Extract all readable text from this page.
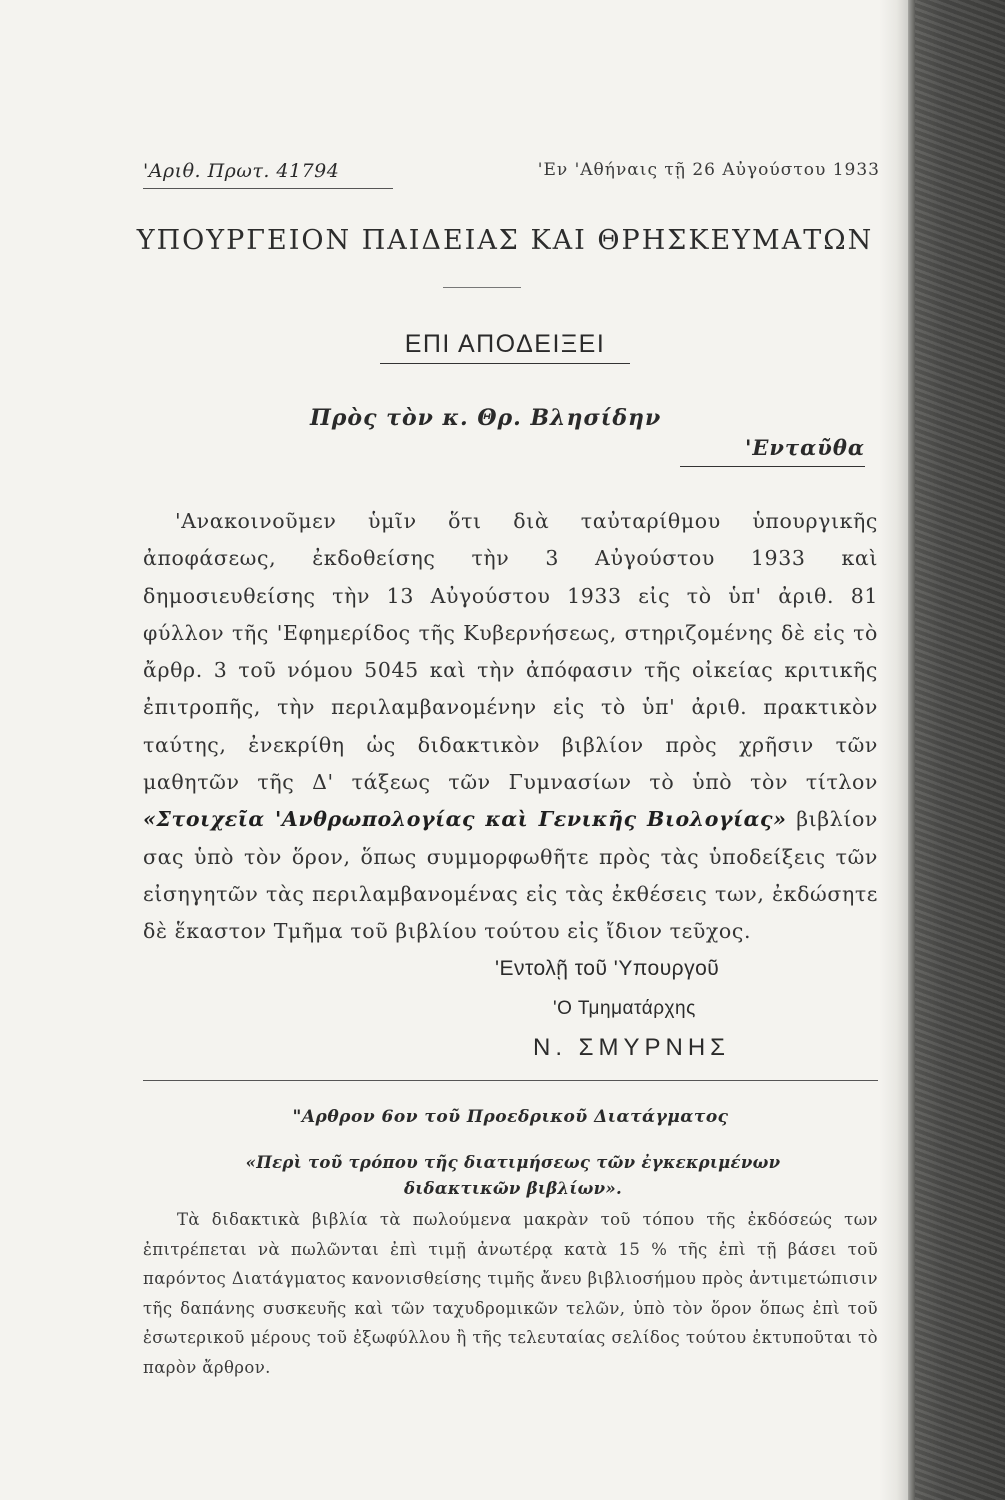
'Αριθ. Πρωτ. 41794	'Εν 'Αθήναις τῇ 26 Αὐγούστου 1933

ΥΠΟΥΡΓΕΙΟΝ ΠΑΙΔΕΙΑΣ ΚΑΙ ΘΡΗΣΚΕΥΜΑΤΩΝ
ΕΠΙ ΑΠΟΔΕΙΞΕΙ

Πρὸς τὸν κ. Θρ. Βλησίδην

'Ενταῦθα

'Ανακοινοῦμεν ὑμῖν ὅτι διὰ ταὐταρίθμου ὑπουργικῆς ἀποφάσεως, ἐκδοθείσης τὴν 3 Αὐγούστου 1933 καὶ δημοσιευθείσης τὴν 13 Αὐγούστου 1933 εἰς τὸ ὑπ' ἀριθ. 81 φύλλον τῆς 'Εφημερίδος τῆς Κυβερνήσεως, στηριζομένης δὲ εἰς τὸ ἄρθρ. 3 τοῦ νόμου 5045 καὶ τὴν ἀπόφασιν τῆς οἰκείας κριτικῆς ἐπιτροπῆς, τὴν περιλαμβανομένην εἰς τὸ ὑπ' ἀριθ. πρακτικὸν ταύτης, ἐνεκρίθη ὡς διδακτικὸν βιβλίον πρὸς χρῆσιν τῶν μαθητῶν τῆς Δ' τάξεως τῶν Γυμνασίων τὸ ὑπὸ τὸν τίτλον «Στοιχεῖα 'Ανθρωπολογίας καὶ Γενικῆς Βιολογίας» βιβλίον σας ὑπὸ τὸν ὅρον, ὅπως συμμορφωθῆτε πρὸς τὰς ὑποδείξεις τῶν εἰσηγητῶν τὰς περιλαμβανομένας εἰς τὰς ἐκθέσεις των, ἐκδώσητε δὲ ἕκαστον Τμῆμα τοῦ βιβλίου τούτου εἰς ἴδιον τεῦχος.

'Εντολῇ τοῦ 'Υπουργοῦ

'Ο Τμηματάρχης

Ν. ΣΜΥΡΝΗΣ

"Αρθρον 6ον τοῦ Προεδρικοῦ Διατάγματος

«Περὶ τοῦ τρόπου τῆς διατιμήσεως τῶν ἐγκεκριμένων διδακτικῶν βιβλίων».

Τὰ διδακτικὰ βιβλία τὰ πωλούμενα μακρὰν τοῦ τόπου τῆς ἐκδόσεώς των ἐπιτρέπεται νὰ πωλῶνται ἐπὶ τιμῇ ἀνωτέρᾳ κατὰ 15 % τῆς ἐπὶ τῇ βάσει τοῦ παρόντος Διατάγματος κανονισθείσης τιμῆς ἄνευ βιβλιοσήμου πρὸς ἀντιμετώπισιν τῆς δαπάνης συσκευῆς καὶ τῶν ταχυδρομικῶν τελῶν, ὑπὸ τὸν ὅρον ὅπως ἐπὶ τοῦ ἐσωτερικοῦ μέρους τοῦ ἐξωφύλλου ἢ τῆς τελευταίας σελίδος τούτου ἐκτυποῦται τὸ παρὸν ἄρθρον.
